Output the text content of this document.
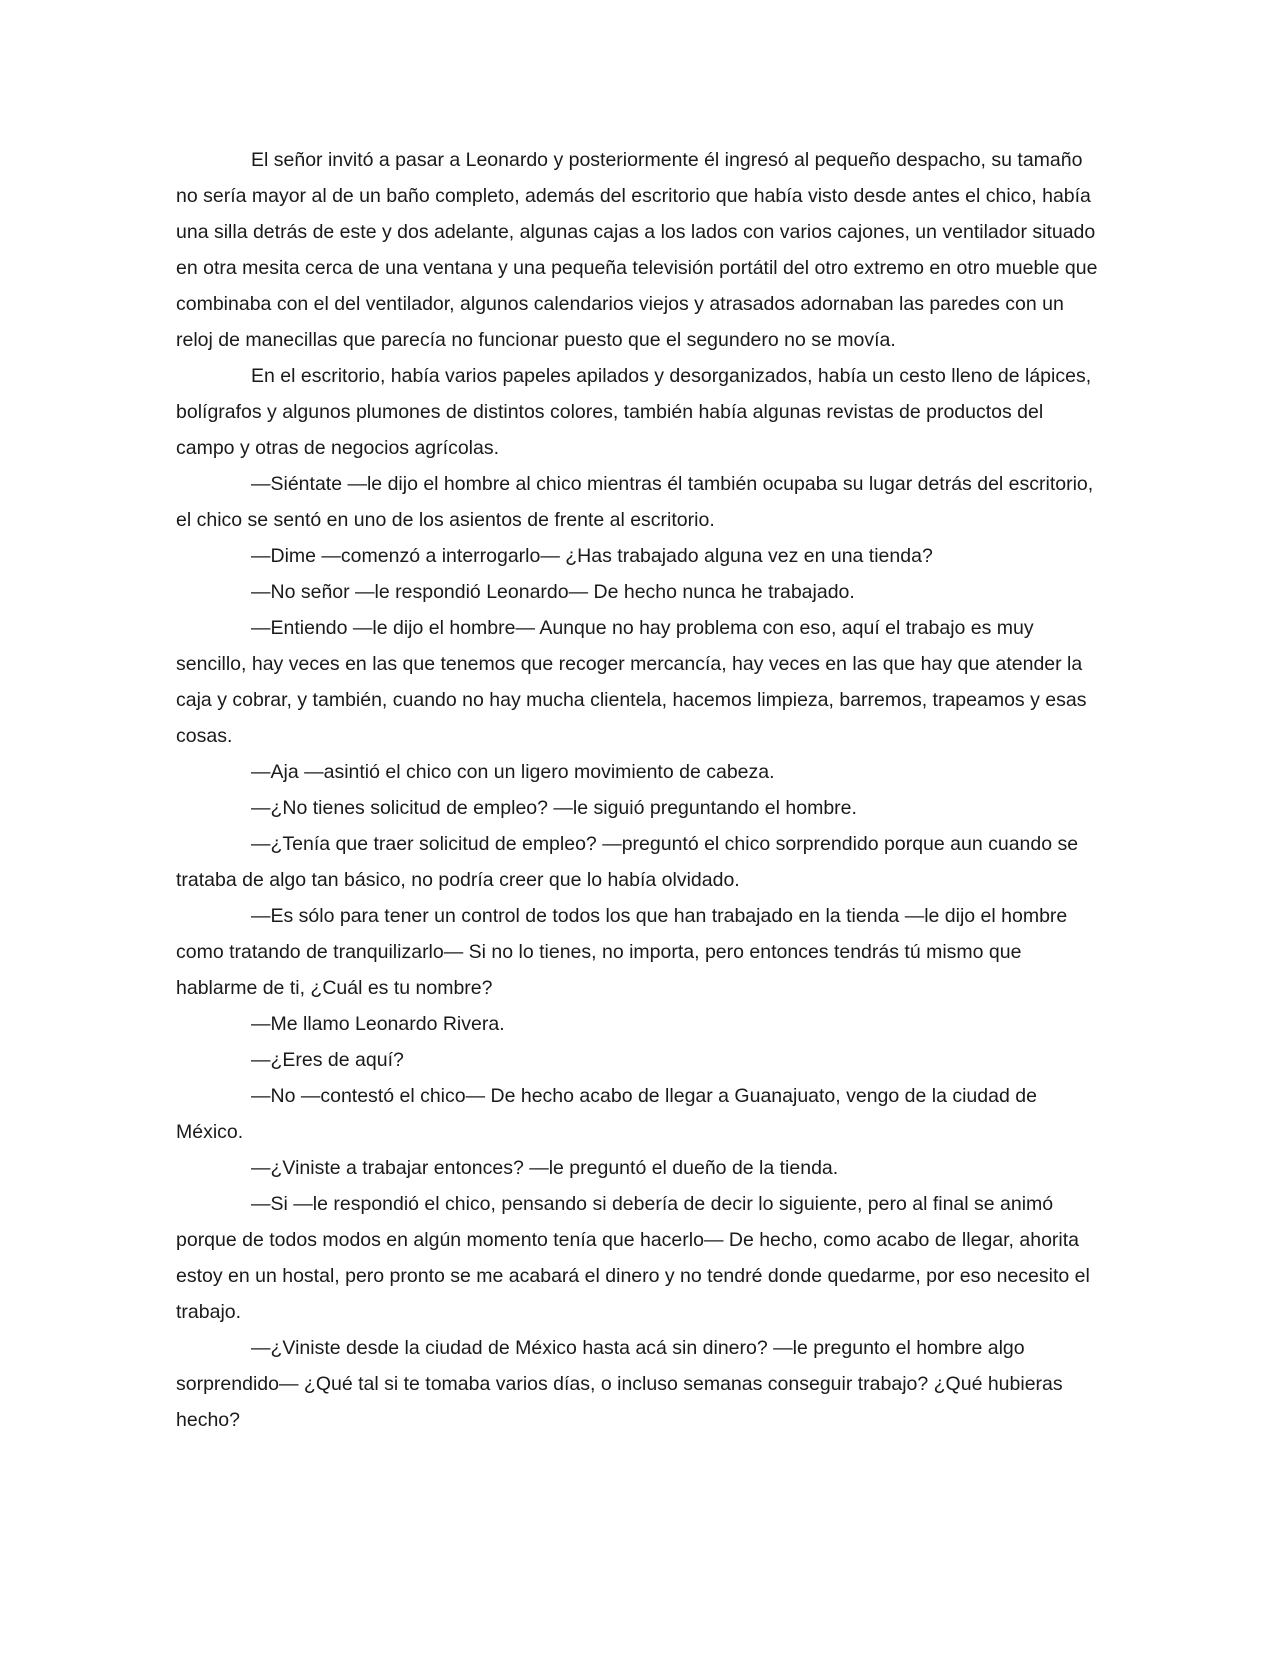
El señor invitó a pasar a Leonardo y posteriormente él ingresó al pequeño despacho, su tamaño no sería mayor al de un baño completo, además del escritorio que había visto desde antes el chico, había una silla detrás de este y dos adelante, algunas cajas a los lados con varios cajones, un ventilador situado en otra mesita cerca de una ventana y una pequeña televisión portátil del otro extremo en otro mueble que combinaba con el del ventilador, algunos calendarios viejos y atrasados adornaban las paredes con un reloj de manecillas que parecía no funcionar puesto que el segundero no se movía.

En el escritorio, había varios papeles apilados y desorganizados, había un cesto lleno de lápices, bolígrafos y algunos plumones de distintos colores, también había algunas revistas de productos del campo y otras de negocios agrícolas.

—Siéntate —le dijo el hombre al chico mientras él también ocupaba su lugar detrás del escritorio, el chico se sentó en uno de los asientos de frente al escritorio.

—Dime —comenzó a interrogarlo— ¿Has trabajado alguna vez en una tienda?

—No señor —le respondió Leonardo— De hecho nunca he trabajado.

—Entiendo —le dijo el hombre— Aunque no hay problema con eso, aquí el trabajo es muy sencillo, hay veces en las que tenemos que recoger mercancía, hay veces en las que hay que atender la caja y cobrar, y también, cuando no hay mucha clientela, hacemos limpieza, barremos, trapeamos y esas cosas.

—Aja —asintió el chico con un ligero movimiento de cabeza.

—¿No tienes solicitud de empleo? —le siguió preguntando el hombre.

—¿Tenía que traer solicitud de empleo? —preguntó el chico sorprendido porque aun cuando se trataba de algo tan básico, no podría creer que lo había olvidado.

—Es sólo para tener un control de todos los que han trabajado en la tienda —le dijo el hombre como tratando de tranquilizarlo— Si no lo tienes, no importa, pero entonces tendrás tú mismo que hablarme de ti, ¿Cuál es tu nombre?

—Me llamo Leonardo Rivera.

—¿Eres de aquí?

—No —contestó el chico— De hecho acabo de llegar a Guanajuato, vengo de la ciudad de México.

—¿Viniste a trabajar entonces? —le preguntó el dueño de la tienda.

—Si —le respondió el chico, pensando si debería de decir lo siguiente, pero al final se animó porque de todos modos en algún momento tenía que hacerlo— De hecho, como acabo de llegar, ahorita estoy en un hostal, pero pronto se me acabará el dinero y no tendré donde quedarme, por eso necesito el trabajo.

—¿Viniste desde la ciudad de México hasta acá sin dinero? —le pregunto el hombre algo sorprendido— ¿Qué tal si te tomaba varios días, o incluso semanas conseguir trabajo? ¿Qué hubieras hecho?
